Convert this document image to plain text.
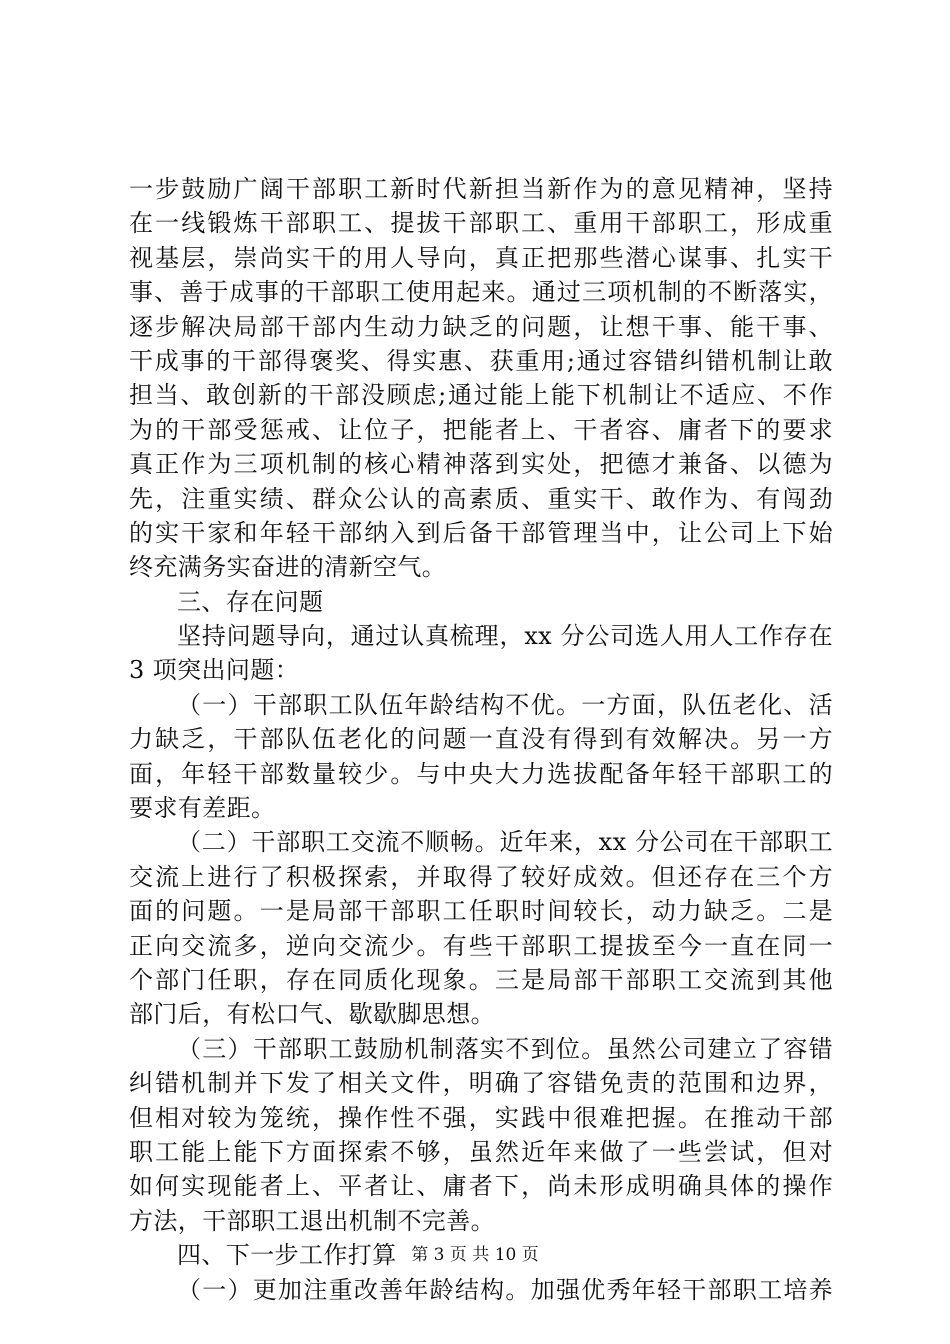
一步鼓励广阔干部职工新时代新担当新作为的意见精神，坚持
在一线锻炼干部职工、提拔干部职工、重用干部职工，形成重
视基层，崇尚实干的用人导向，真正把那些潜心谋事、扎实干
事、善于成事的干部职工使用起来。通过三项机制的不断落实，
逐步解决局部干部内生动力缺乏的问题，让想干事、能干事、
干成事的干部得褒奖、得实惠、获重用;通过容错纠错机制让敢
担当、敢创新的干部没顾虑;通过能上能下机制让不适应、不作
为的干部受惩戒、让位子，把能者上、干者容、庸者下的要求
真正作为三项机制的核心精神落到实处，把德才兼备、以德为
先，注重实绩、群众公认的高素质、重实干、敢作为、有闯劲
的实干家和年轻干部纳入到后备干部管理当中，让公司上下始
终充满务实奋进的清新空气。
三、存在问题
坚持问题导向，通过认真梳理，xx 分公司选人用人工作存在
3 项突出问题：
（一）干部职工队伍年龄结构不优。一方面，队伍老化、活
力缺乏，干部队伍老化的问题一直没有得到有效解决。另一方
面，年轻干部数量较少。与中央大力选拔配备年轻干部职工的
要求有差距。
（二）干部职工交流不顺畅。近年来，xx 分公司在干部职工
交流上进行了积极探索，并取得了较好成效。但还存在三个方
面的问题。一是局部干部职工任职时间较长，动力缺乏。二是
正向交流多，逆向交流少。有些干部职工提拔至今一直在同一
个部门任职，存在同质化现象。三是局部干部职工交流到其他
部门后，有松口气、歇歇脚思想。
（三）干部职工鼓励机制落实不到位。虽然公司建立了容错
纠错机制并下发了相关文件，明确了容错免责的范围和边界，
但相对较为笼统，操作性不强，实践中很难把握。在推动干部
职工能上能下方面探索不够，虽然近年来做了一些尝试，但对
如何实现能者上、平者让、庸者下，尚未形成明确具体的操作
方法，干部职工退出机制不完善。
四、下一步工作打算
（一）更加注重改善年龄结构。加强优秀年轻干部职工培养
第 3 页 共 10 页
